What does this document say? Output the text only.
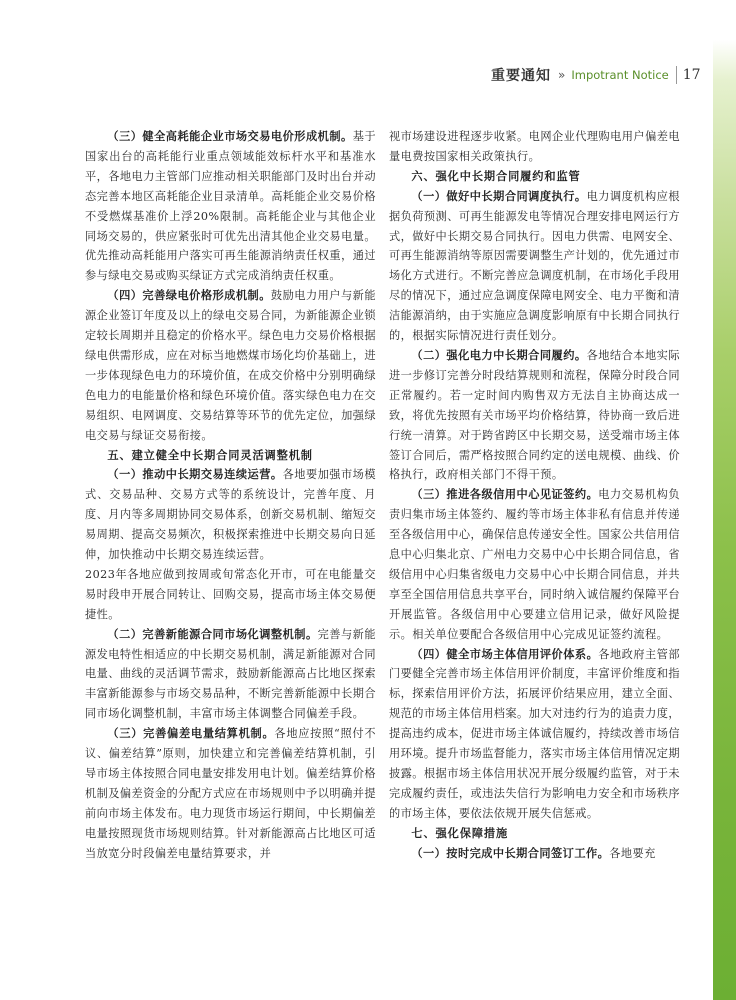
重要通知 » Impotrant Notice 17

（三）健全高耗能企业市场交易电价形成机制。基于国家出台的高耗能行业重点领域能效标杆水平和基准水平，各地电力主管部门应推动相关职能部门及时出台并动态完善本地区高耗能企业目录清单。高耗能企业交易价格不受燃煤基准价上浮20%限制。高耗能企业与其他企业同场交易的，供应紧张时可优先出清其他企业交易电量。优先推动高耗能用户落实可再生能源消纳责任权重，通过参与绿电交易或购买绿证方式完成消纳责任权重。

（四）完善绿电价格形成机制。鼓励电力用户与新能源企业签订年度及以上的绿电交易合同，为新能源企业锁定较长周期并且稳定的价格水平。绿色电力交易价格根据绿电供需形成，应在对标当地燃煤市场化均价基础上，进一步体现绿色电力的环境价值，在成交价格中分别明确绿色电力的电能量价格和绿色环境价值。落实绿色电力在交易组织、电网调度、交易结算等环节的优先定位，加强绿电交易与绿证交易衔接。

五、建立健全中长期合同灵活调整机制

（一）推动中长期交易连续运营。各地要加强市场模式、交易品种、交易方式等的系统设计，完善年度、月度、月内等多周期协同交易体系，创新交易机制、缩短交易周期、提高交易频次，积极探索推进中长期交易向日延伸，加快推动中长期交易连续运营。

2023年各地应做到按周或旬常态化开市，可在电能量交易时段申开展合同转让、回购交易，提高市场主体交易便捷性。

（二）完善新能源合同市场化调整机制。完善与新能源发电特性相适应的中长期交易机制，满足新能源对合同电量、曲线的灵活调节需求，鼓励新能源高占比地区探索丰富新能源参与市场交易品种，不断完善新能源中长期合同市场化调整机制，丰富市场主体调整合同偏差手段。

（三）完善偏差电量结算机制。各地应按照“照付不议、偏差结算”原则，加快建立和完善偏差结算机制，引导市场主体按照合同电量安排发用电计划。偏差结算价格机制及偏差资金的分配方式应在市场规则中予以明确并提前向市场主体发布。电力现货市场运行期间，中长期偏差电量按照现货市场规则结算。针对新能源高占比地区可适当放宽分时段偏差电量结算要求，并

视市场建设进程逐步收紧。电网企业代理购电用户偏差电量电费按国家相关政策执行。

六、强化中长期合同履约和监管

（一）做好中长期合同调度执行。电力调度机构应根据负荷预测、可再生能源发电等情况合理安排电网运行方式，做好中长期交易合同执行。因电力供需、电网安全、可再生能源消纳等原因需要调整生产计划的，优先通过市场化方式进行。不断完善应急调度机制，在市场化手段用尽的情况下，通过应急调度保障电网安全、电力平衡和清洁能源消纳，由于实施应急调度影响原有中长期合同执行的，根据实际情况进行责任划分。

（二）强化电力中长期合同履约。各地结合本地实际进一步修订完善分时段结算规则和流程，保障分时段合同正常履约。若一定时间内购售双方无法自主协商达成一致，将优先按照有关市场平均价格结算，待协商一致后进行统一清算。对于跨省跨区中长期交易，送受端市场主体签订合同后，需严格按照合同约定的送电规模、曲线、价格执行，政府相关部门不得干预。

（三）推进各级信用中心见证签约。电力交易机构负责归集市场主体签约、履约等市场主体非私有信息并传递至各级信用中心，确保信息传递安全性。国家公共信用信息中心归集北京、广州电力交易中心中长期合同信息，省级信用中心归集省级电力交易中心中长期合同信息，并共享至全国信用信息共享平台，同时纳入诚信履约保障平台开展监管。各级信用中心要建立信用记录，做好风险提示。相关单位要配合各级信用中心完成见证签约流程。

（四）健全市场主体信用评价体系。各地政府主管部门要健全完善市场主体信用评价制度，丰富评价维度和指标，探索信用评价方法，拓展评价结果应用，建立全面、规范的市场主体信用档案。加大对违约行为的追责力度，提高违约成本，促进市场主体诚信履约，持续改善市场信用环境。提升市场监督能力，落实市场主体信用情况定期披露。根据市场主体信用状况开展分级履约监管，对于未完成履约责任，或违法失信行为影响电力安全和市场秩序的市场主体，要依法依规开展失信惩戒。

七、强化保障措施

（一）按时完成中长期合同签订工作。各地要充
